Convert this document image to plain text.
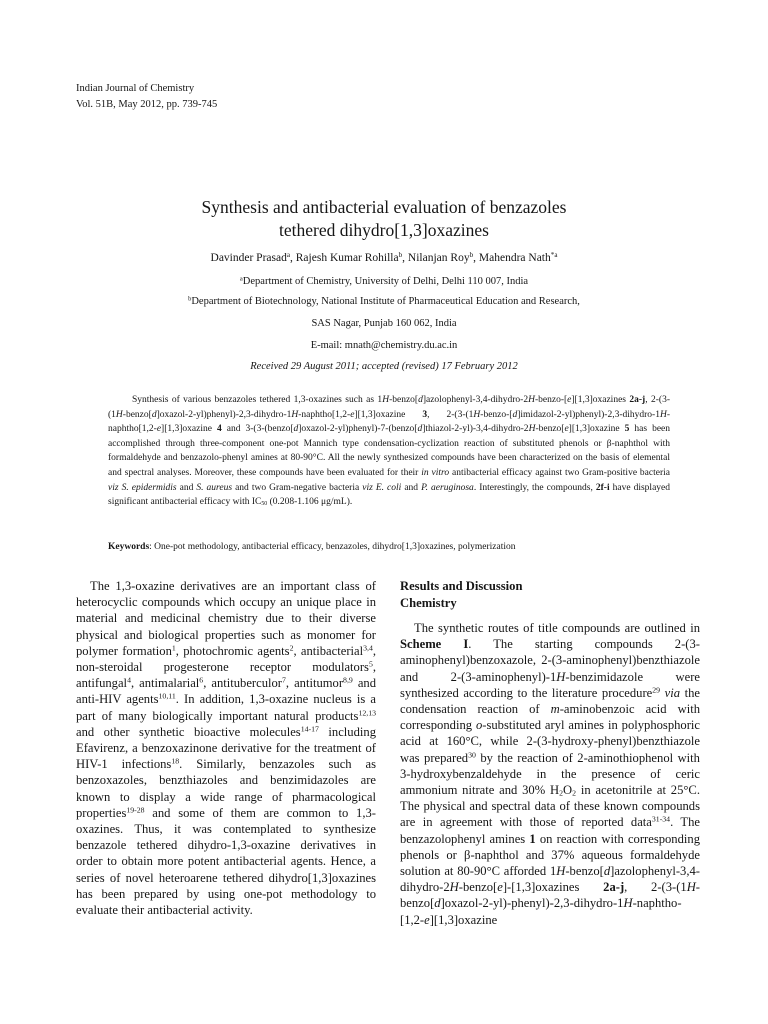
Indian Journal of Chemistry
Vol. 51B, May 2012, pp. 739-745
Synthesis and antibacterial evaluation of benzazoles
tethered dihydro[1,3]oxazines
Davinder Prasad$^a$, Rajesh Kumar Rohilla$^b$, Nilanjan Roy$^b$, Mahendra Nath$^{*a}$
$^a$Department of Chemistry, University of Delhi, Delhi 110 007, India
$^b$Department of Biotechnology, National Institute of Pharmaceutical Education and Research,
SAS Nagar, Punjab 160 062, India
E-mail: mnath@chemistry.du.ac.in
Received 29 August 2011; accepted (revised) 17 February 2012
Synthesis of various benzazoles tethered 1,3-oxazines such as 1H-benzo[d]azolophenyl-3,4-dihydro-2H-benzo-[e][1,3]oxazines 2a-j, 2-(3-(1H-benzo[d]oxazol-2-yl)phenyl)-2,3-dihydro-1H-naphtho[1,2-e][1,3]oxazine 3, 2-(3-(1H-benzo-[d]imidazol-2-yl)phenyl)-2,3-dihydro-1H-naphtho[1,2-e][1,3]oxazine 4 and 3-(3-(benzo[d]oxazol-2-yl)phenyl)-7-(benzo[d]thiazol-2-yl)-3,4-dihydro-2H-benzo[e][1,3]oxazine 5 has been accomplished through three-component one-pot Mannich type condensation-cyclization reaction of substituted phenols or β-naphthol with formaldehyde and benzazolo-phenyl amines at 80-90°C. All the newly synthesized compounds have been characterized on the basis of elemental and spectral analyses. Moreover, these compounds have been evaluated for their in vitro antibacterial efficacy against two Gram-positive bacteria viz S. epidermidis and S. aureus and two Gram-negative bacteria viz E. coli and P. aeruginosa. Interestingly, the compounds, 2f-i have displayed significant antibacterial efficacy with $IC_{50}$ (0.208-1.106 μg/mL).
Keywords: One-pot methodology, antibacterial efficacy, benzazoles, dihydro[1,3]oxazines, polymerization
The 1,3-oxazine derivatives are an important class of heterocyclic compounds which occupy an unique place in material and medicinal chemistry due to their diverse physical and biological properties such as monomer for polymer formation$^1$, photochromic agents$^2$, antibacterial$^{3,4}$, non-steroidal progesterone receptor modulators$^5$, antifungal$^4$, antimalarial$^6$, antituberculor$^7$, antitumor$^{8,9}$ and anti-HIV agents$^{10,11}$. In addition, 1,3-oxazine nucleus is a part of many biologically important natural products$^{12,13}$ and other synthetic bioactive molecules$^{14-17}$ including Efavirenz, a benzoxazinone derivative for the treatment of HIV-1 infections$^{18}$. Similarly, benzazoles such as benzoxazoles, benzthiazoles and benzimidazoles are known to display a wide range of pharmacological properties$^{19-28}$ and some of them are common to 1,3-oxazines. Thus, it was contemplated to synthesize benzazole tethered dihydro-1,3-oxazine derivatives in order to obtain more potent antibacterial agents. Hence, a series of novel heteroarene tethered dihydro[1,3]oxazines has been prepared by using one-pot methodology to evaluate their antibacterial activity.
Results and Discussion
Chemistry
The synthetic routes of title compounds are outlined in Scheme I. The starting compounds 2-(3-aminophenyl)benzoxazole, 2-(3-aminophenyl)benzthiazole and 2-(3-aminophenyl)-1H-benzimidazole were synthesized according to the literature procedure$^{29}$ via the condensation reaction of m-aminobenzoic acid with corresponding o-substituted aryl amines in polyphosphoric acid at 160°C, while 2-(3-hydroxy-phenyl)benzthiazole was prepared$^{30}$ by the reaction of 2-aminothiophenol with 3-hydroxybenzaldehyde in the presence of ceric ammonium nitrate and 30% $H_2O_2$ in acetonitrile at 25°C. The physical and spectral data of these known compounds are in agreement with those of reported data$^{31-34}$. The benzazolophenyl amines 1 on reaction with corresponding phenols or β-naphthol and 37% aqueous formaldehyde solution at 80-90°C afforded 1H-benzo[d]azolophenyl-3,4-dihydro-2H-benzo[e]-[1,3]oxazines 2a-j, 2-(3-(1H-benzo[d]oxazol-2-yl)-phenyl)-2,3-dihydro-1H-naphtho-[1,2-e][1,3]oxazine
